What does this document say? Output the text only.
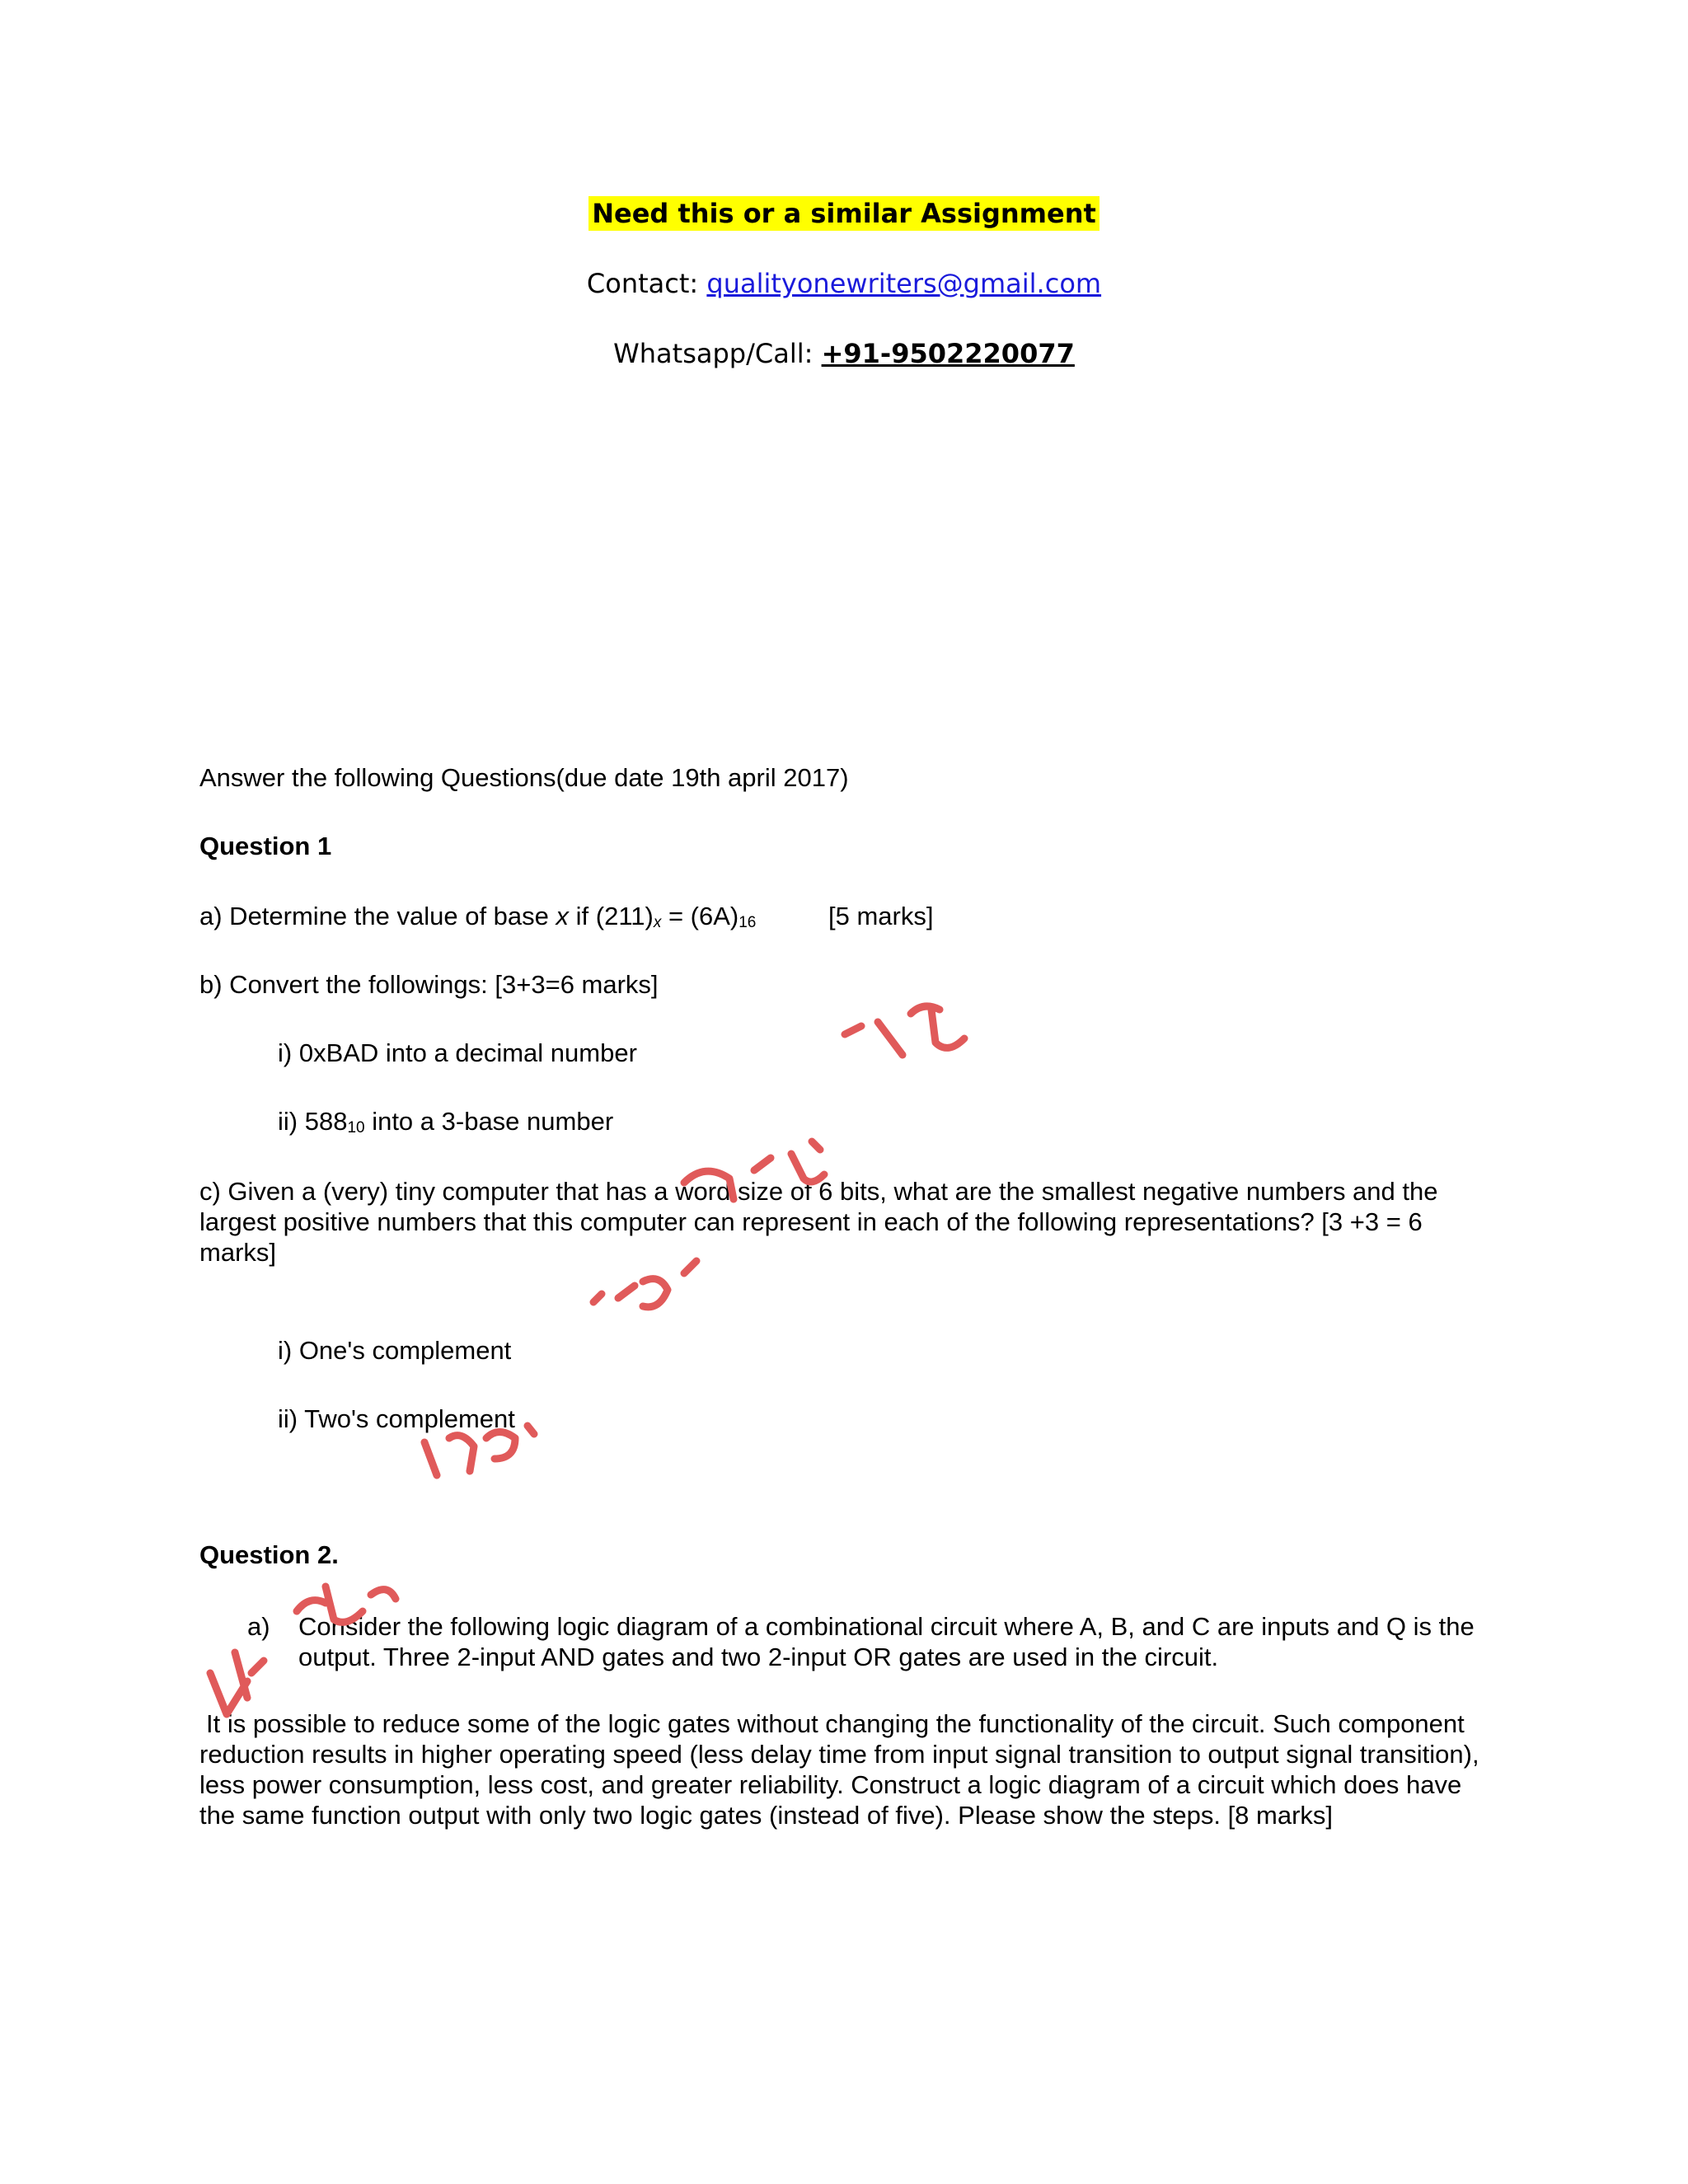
Need this or a similar Assignment
Contact: qualityonewriters@gmail.com
Whatsapp/Call: +91-9502220077
Answer the following Questions(due date 19th april 2017)
Question 1
a) Determine the value of base x if $(211)_x = (6A)_{16}$	[5 marks]
b) Convert the followings: [3+3=6 marks]
i) 0xBAD into a decimal number
ii) $588_{10}$ into a 3-base number
c) Given a (very) tiny computer that has a word size of 6 bits, what are the smallest negative numbers and the largest positive numbers that this computer can represent in each of the following representations? [3 +3 = 6 marks]
i) One's complement
ii) Two's complement
Question 2.
a) Consider the following logic diagram of a combinational circuit where A, B, and C are inputs and Q is the output. Three 2-input AND gates and two 2-input OR gates are used in the circuit.
It is possible to reduce some of the logic gates without changing the functionality of the circuit. Such component reduction results in higher operating speed (less delay time from input signal transition to output signal transition), less power consumption, less cost, and greater reliability. Construct a logic diagram of a circuit which does have the same function output with only two logic gates (instead of five). Please show the steps. [8 marks]
